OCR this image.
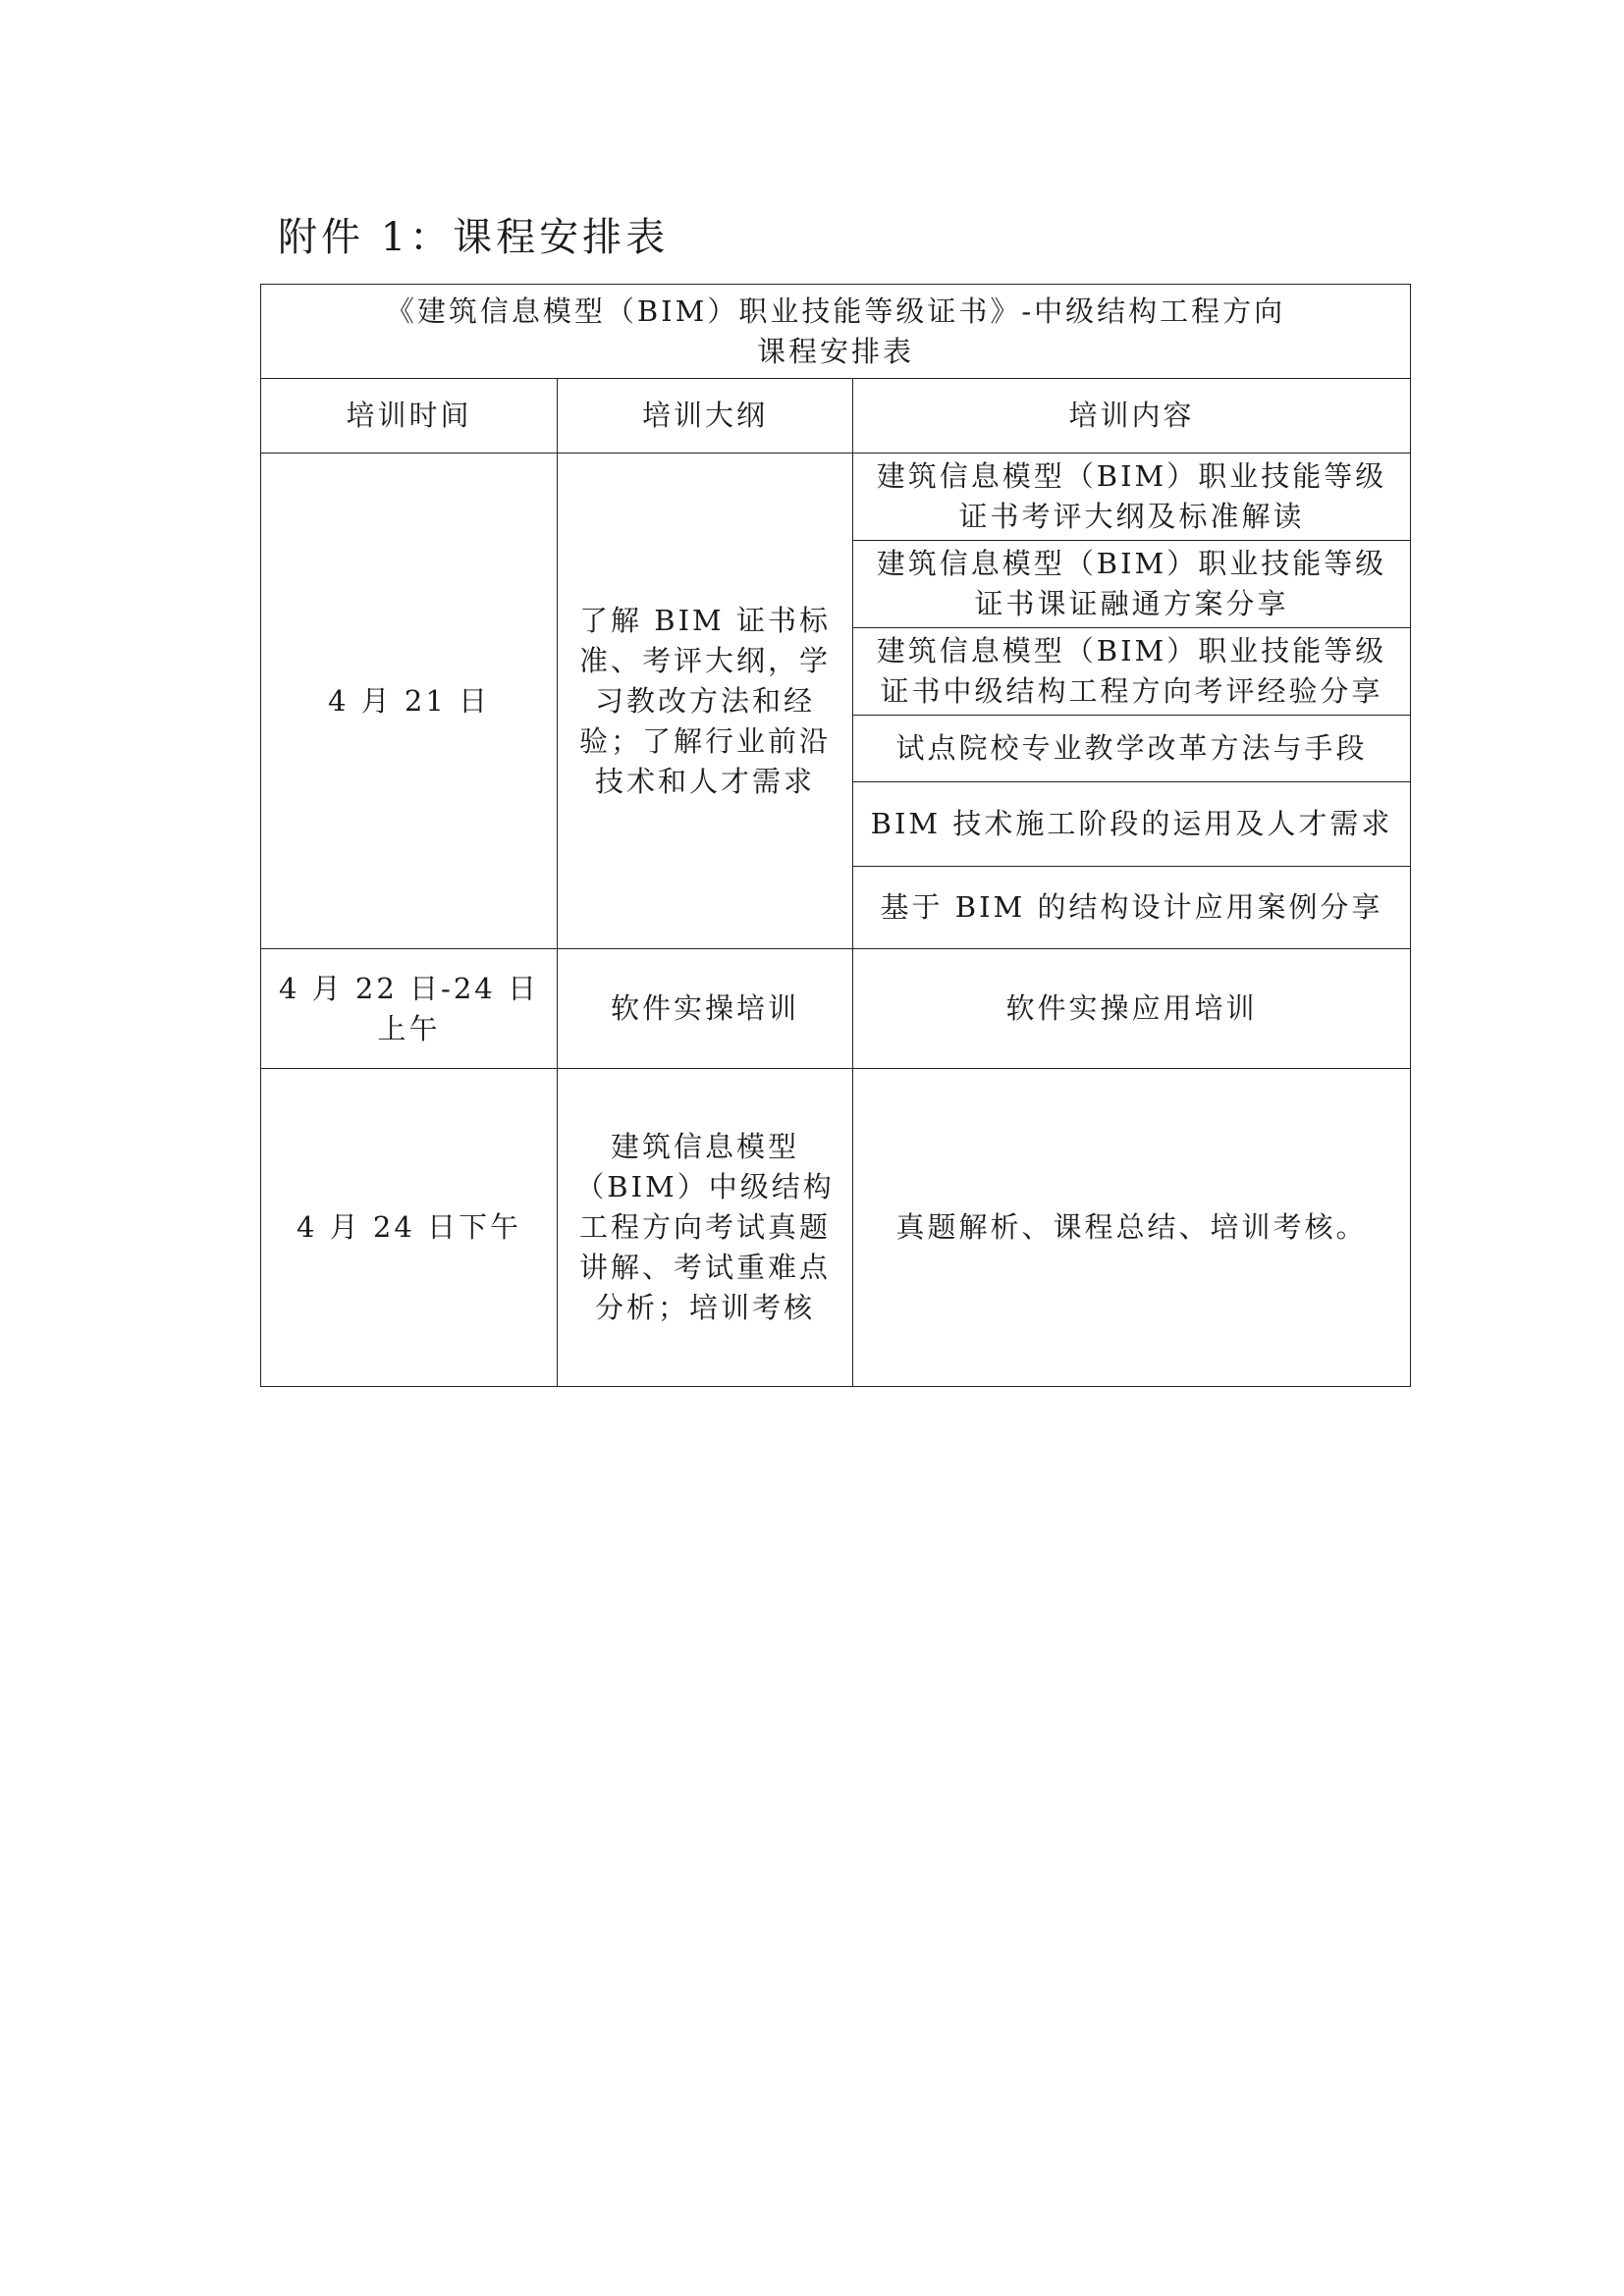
附件 1：课程安排表
《建筑信息模型（BIM）职业技能等级证书》-中级结构工程方向
课程安排表		

培训时间	培训大纲	培训内容
4 月 21 日	了解 BIM 证书标准、考评大纲，学习教改方法和经验；了解行业前沿技术和人才需求	建筑信息模型（BIM）职业技能等级证书考评大纲及标准解读
		建筑信息模型（BIM）职业技能等级证书课证融通方案分享
		建筑信息模型（BIM）职业技能等级证书中级结构工程方向考评经验分享
		试点院校专业教学改革方法与手段
		BIM 技术施工阶段的运用及人才需求
		基于 BIM 的结构设计应用案例分享
4 月 22 日-24 日上午	软件实操培训	软件实操应用培训
4 月 24 日下午	建筑信息模型（BIM）中级结构工程方向考试真题讲解、考试重难点分析；培训考核	真题解析、课程总结、培训考核。
